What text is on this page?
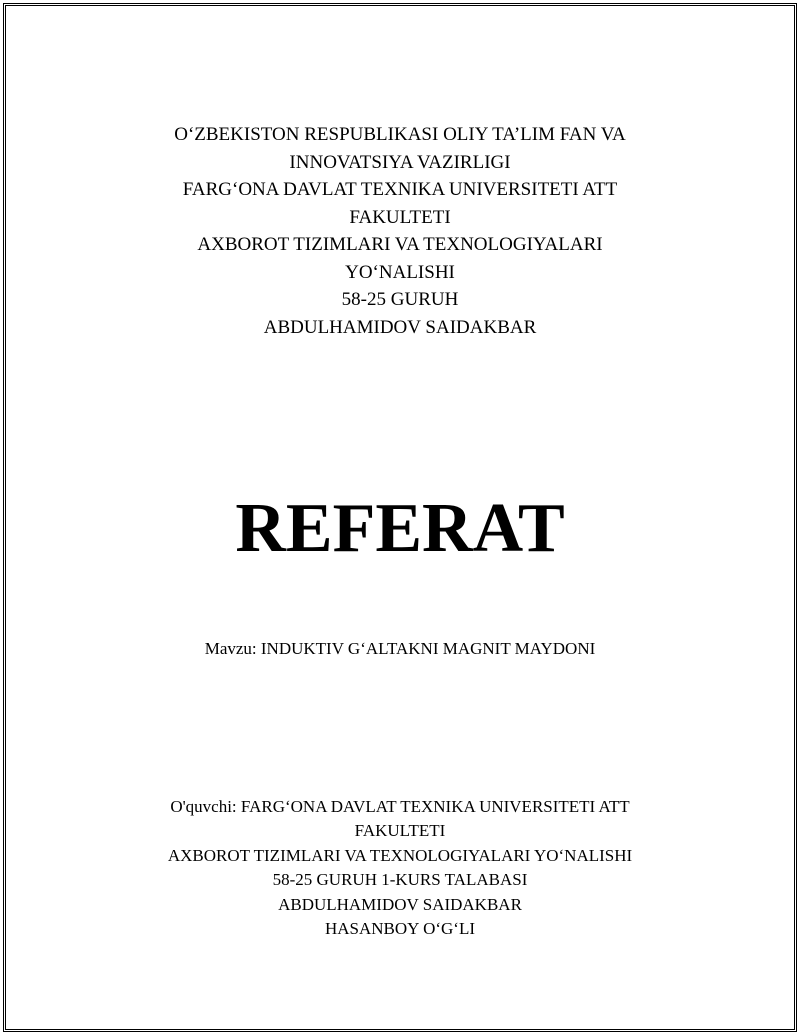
O‘ZBEKISTON RESPUBLIKASI OLIY TA’LIM FAN VA
INNOVATSIYA VAZIRLIGI
FARG‘ONA DAVLAT TEXNIKA UNIVERSITETI ATT
FAKULTETI
AXBOROT TIZIMLARI VA TEXNOLOGIYALARI
YO‘NALISHI
58-25 GURUH
ABDULHAMIDOV SAIDAKBAR
REFERAT
Mavzu: INDUKTIV G‘ALTAKNI MAGNIT MAYDONI
O'quvchi: FARG‘ONA DAVLAT TEXNIKA UNIVERSITETI ATT
FAKULTETI
AXBOROT TIZIMLARI VA TEXNOLOGIYALARI YO‘NALISHI
58-25 GURUH 1-KURS TALABASI
ABDULHAMIDOV SAIDAKBAR
HASANBOY O‘G‘LI
